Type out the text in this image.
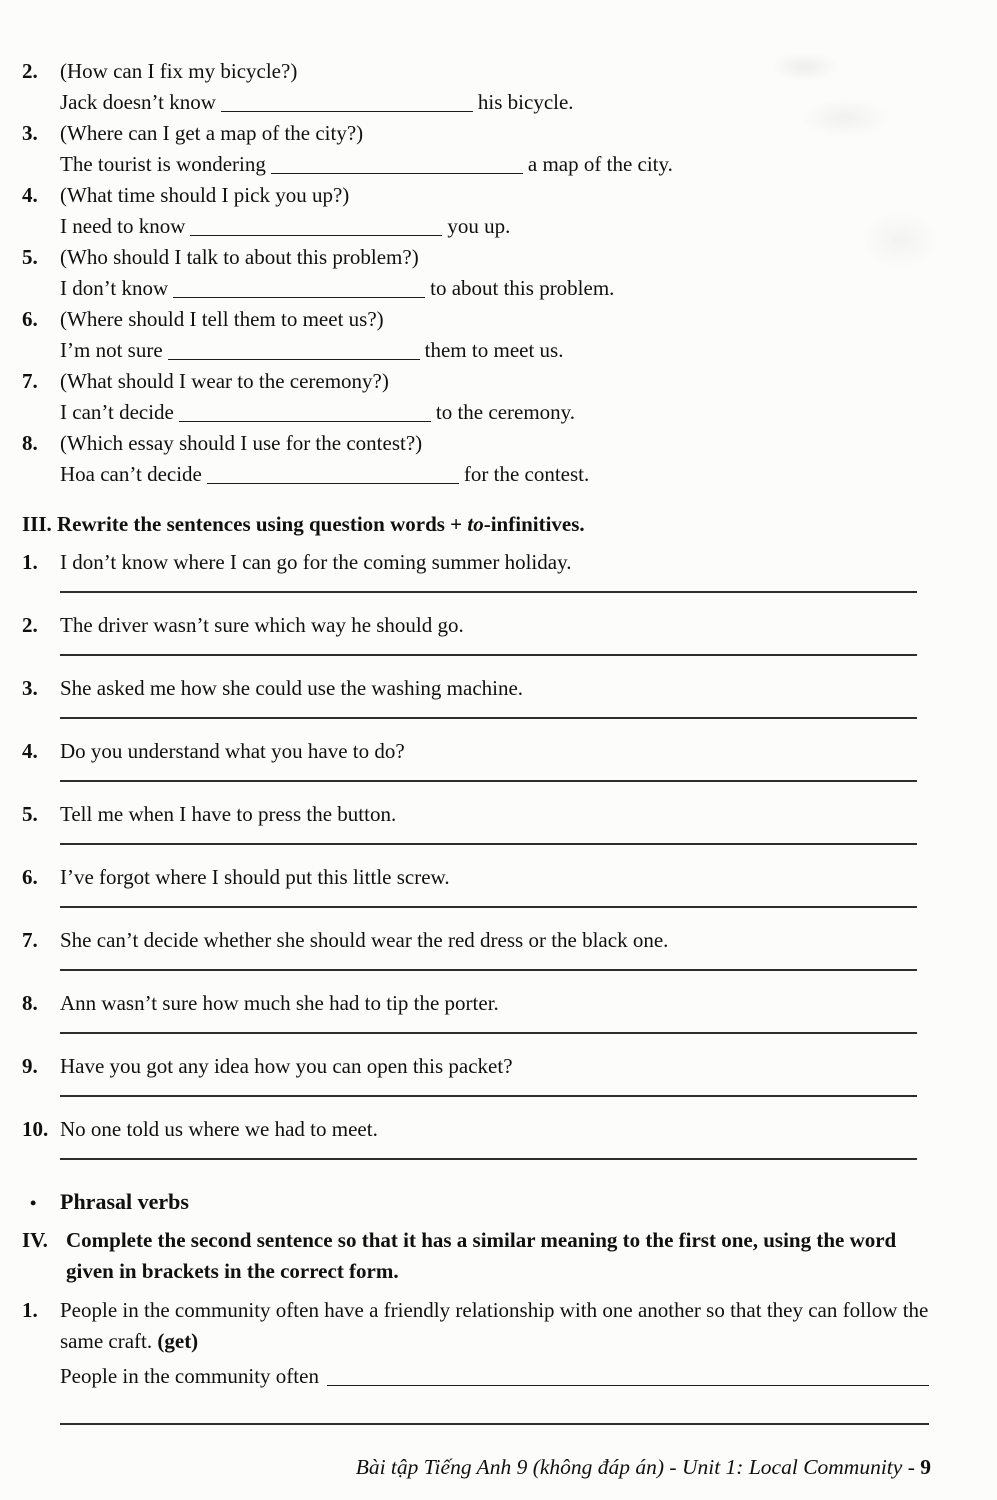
2.	(How can I fix my bicycle?)
Jack doesn’t know	his bicycle.
3.	(Where can I get a map of the city?)
The tourist is wondering	a map of the city.
4.	(What time should I pick you up?)
I need to know	you up.
5.	(Who should I talk to about this problem?)
I don’t know	to about this problem.
6.	(Where should I tell them to meet us?)
I’m not sure	them to meet us.
7.	(What should I wear to the ceremony?)
I can’t decide	to the ceremony.
8.	(Which essay should I use for the contest?)
Hoa can’t decide	for the contest.
III. Rewrite the sentences using question words + to-infinitives.
1.	I don’t know where I can go for the coming summer holiday.
2.	The driver wasn’t sure which way he should go.
3.	She asked me how she could use the washing machine.
4.	Do you understand what you have to do?
5.	Tell me when I have to press the button.
6.	I’ve forgot where I should put this little screw.
7.	She can’t decide whether she should wear the red dress or the black one.
8.	Ann wasn’t sure how much she had to tip the porter.
9.	Have you got any idea how you can open this packet?
10. No one told us where we had to meet.
•	Phrasal verbs
IV. Complete the second sentence so that it has a similar meaning to the first one, using the word given in brackets in the correct form.
1.	People in the community often have a friendly relationship with one another so that they can follow the same craft. (get)
People in the community often
Bài tập Tiếng Anh 9 (không đáp án) - Unit 1: Local Community - 9
